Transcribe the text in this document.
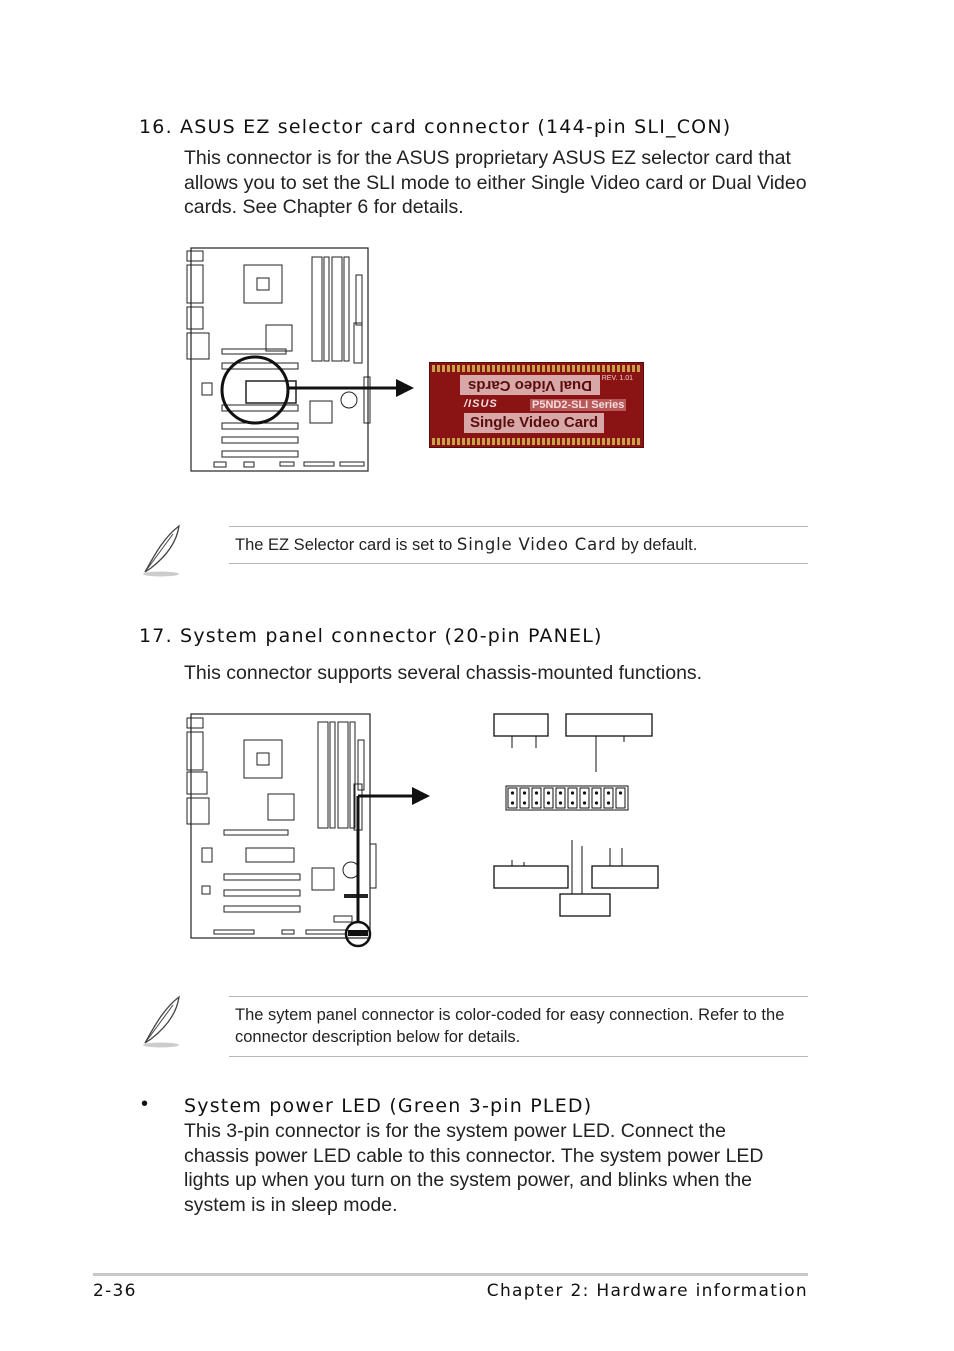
16. ASUS EZ selector card connector (144-pin SLI_CON)
This connector is for the ASUS proprietary ASUS EZ selector card that allows you to set the SLI mode to either Single Video card or Dual Video cards. See Chapter 6 for details.
Dual Video Cards	REV. 1.01
/ISUS	P5ND2-SLI Series
Single Video Card
The EZ Selector card is set to Single Video Card by default.
17. System panel connector (20-pin PANEL)
This connector supports several chassis-mounted functions.
The sytem panel connector is color-coded for easy connection. Refer to the connector description below for details.
• System power LED (Green 3-pin PLED)
This 3-pin connector is for the system power LED. Connect the chassis power LED cable to this connector. The system power LED lights up when you turn on the system power, and blinks when the system is in sleep mode.
2-36	Chapter 2: Hardware information
